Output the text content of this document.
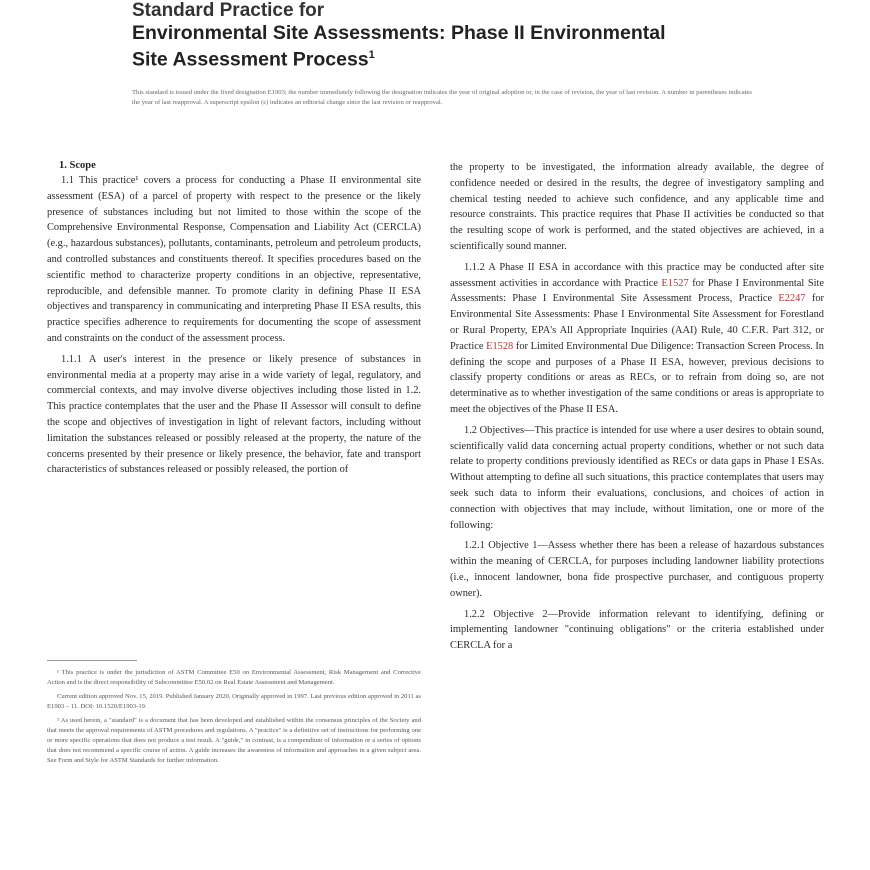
Standard Practice for
Environmental Site Assessments: Phase II Environmental
Site Assessment Process$^1$
This standard is issued under the fixed designation E1903; the number immediately following the designation indicates the year of original adoption or, in the case of revision, the year of last revision. A number in parentheses indicates the year of last reapproval. A superscript epsilon (ε) indicates an editorial change since the last revision or reapproval.
1. Scope

1.1 This practice¹ covers a process for conducting a Phase II environmental site assessment (ESA) of a parcel of property with respect to the presence or the likely presence of substances including but not limited to those within the scope of the Comprehensive Environmental Response, Compensation and Liability Act (CERCLA) (e.g., hazardous substances), pollutants, contaminants, petroleum and petroleum products, and controlled substances and constituents thereof. It specifies procedures based on the scientific method to characterize property conditions in an objective, representative, reproducible, and defensible manner. To promote clarity in defining Phase II ESA objectives and transparency in communicating and interpreting Phase II ESA results, this practice specifies adherence to requirements for documenting the scope of assessment and constraints on the conduct of the assessment process.

1.1.1 A user's interest in the presence or likely presence of substances in environmental media at a property may arise in a wide variety of legal, regulatory, and commercial contexts, and may involve diverse objectives including those listed in 1.2. This practice contemplates that the user and the Phase II Assessor will consult to define the scope and objectives of investigation in light of relevant factors, including without limitation the substances released or possibly released at the property, the nature of the concerns presented by their presence or likely presence, the behavior, fate and transport characteristics of substances released or possibly released, the portion of

¹ This practice is under the jurisdiction of ASTM Committee E50 on Environmental Assessment, Risk Management and Corrective Action and is the direct responsibility of Subcommittee E50.02 on Real Estate Assessment and Management.

Current edition approved Nov. 15, 2019. Published January 2020. Originally approved in 1997. Last previous edition approved in 2011 as E1903 – 11. DOI: 10.1520/E1903-19.

² As used herein, a "standard" is a document that has been developed and established within the consensus principles of the Society and that meets the approval requirements of ASTM procedures and regulations. A "practice" is a definitive set of instructions for performing one or more specific operations that does not produce a test result. A "guide," in contrast, is a compendium of information or a series of options that does not recommend a specific course of action. A guide increases the awareness of information and approaches in a given subject area. See Form and Style for ASTM Standards for further information.

the property to be investigated, the information already available, the degree of confidence needed or desired in the results, the degree of investigatory sampling and chemical testing needed to achieve such confidence, and any applicable time and resource constraints. This practice requires that Phase II activities be conducted so that the resulting scope of work is performed, and the stated objectives are achieved, in a scientifically sound manner.

1.1.2 A Phase II ESA in accordance with this practice may be conducted after site assessment activities in accordance with Practice E1527 for Phase I Environmental Site Assessments: Phase I Environmental Site Assessment Process, Practice E2247 for Environmental Site Assessments: Phase I Environmental Site Assessment for Forestland or Rural Property, EPA's All Appropriate Inquiries (AAI) Rule, 40 C.F.R. Part 312, or Practice E1528 for Limited Environmental Due Diligence: Transaction Screen Process. In defining the scope and purposes of a Phase II ESA, however, previous decisions to classify property conditions or areas as RECs, or to refrain from doing so, are not determinative as to whether investigation of the same conditions or areas is appropriate to meet the objectives of the Phase II ESA.

1.2 Objectives—This practice is intended for use where a user desires to obtain sound, scientifically valid data concerning actual property conditions, whether or not such data relate to property conditions previously identified as RECs or data gaps in Phase I ESAs. Without attempting to define all such situations, this practice contemplates that users may seek such data to inform their evaluations, conclusions, and choices of action in connection with objectives that may include, without limitation, one or more of the following:

1.2.1 Objective 1—Assess whether there has been a release of hazardous substances within the meaning of CERCLA, for purposes including landowner liability protections (i.e., innocent landowner, bona fide prospective purchaser, and contiguous property owner).

1.2.2 Objective 2—Provide information relevant to identifying, defining or implementing landowner "continuing obligations" or the criteria established under CERCLA for a
